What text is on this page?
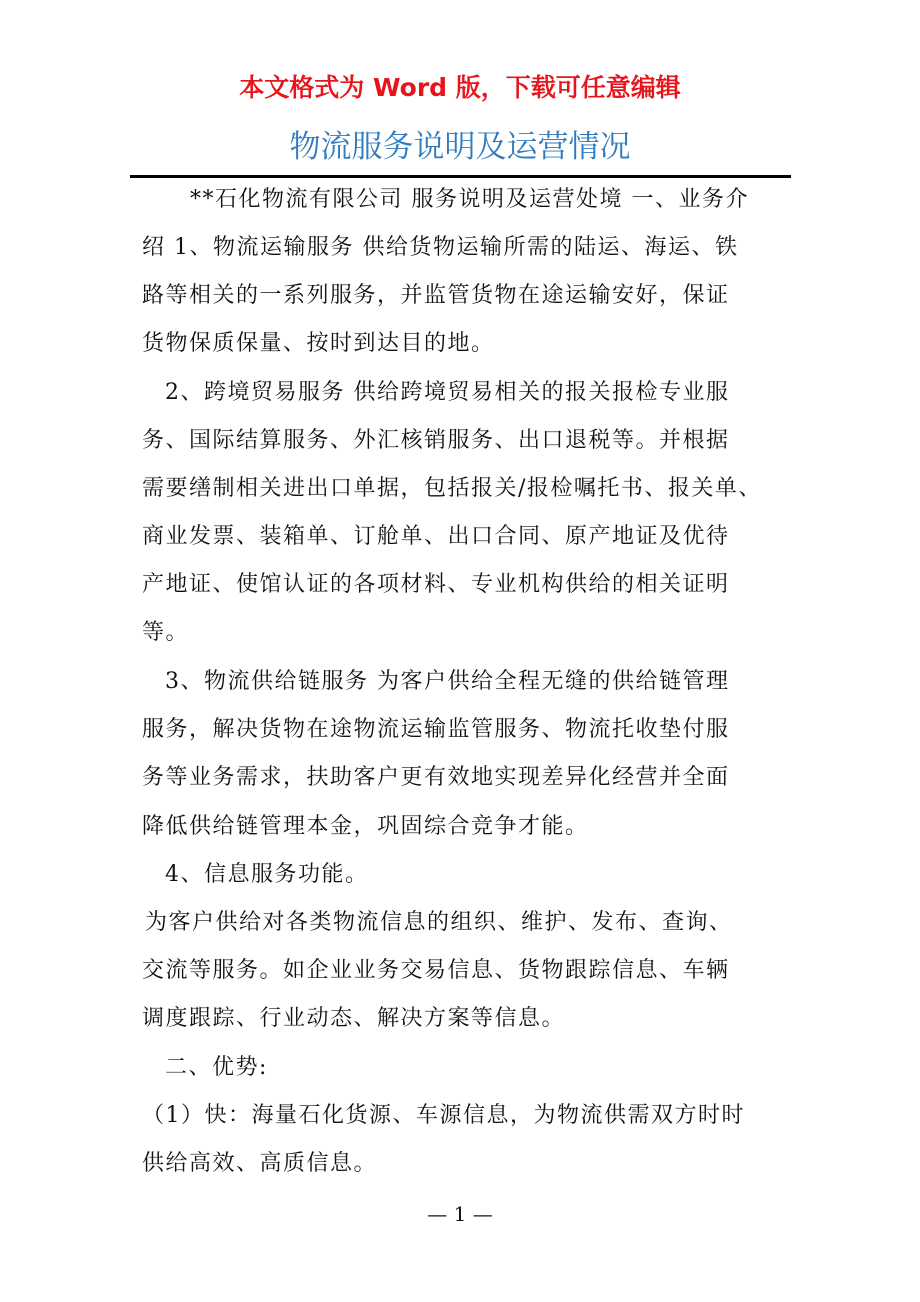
本文格式为 Word 版，下载可任意编辑
物流服务说明及运营情况
**石化物流有限公司 服务说明及运营处境 一、业务介
绍 1、物流运输服务 供给货物运输所需的陆运、海运、铁
路等相关的一系列服务，并监管货物在途运输安好，保证
货物保质保量、按时到达目的地。
2、跨境贸易服务 供给跨境贸易相关的报关报检专业服
务、国际结算服务、外汇核销服务、出口退税等。并根据
需要缮制相关进出口单据，包括报关/报检嘱托书、报关单、
商业发票、装箱单、订舱单、出口合同、原产地证及优待
产地证、使馆认证的各项材料、专业机构供给的相关证明
等。
3、物流供给链服务 为客户供给全程无缝的供给链管理
服务，解决货物在途物流运输监管服务、物流托收垫付服
务等业务需求，扶助客户更有效地实现差异化经营并全面
降低供给链管理本金，巩固综合竞争才能。
4、信息服务功能。
为客户供给对各类物流信息的组织、维护、发布、查询、
交流等服务。如企业业务交易信息、货物跟踪信息、车辆
调度跟踪、行业动态、解决方案等信息。
二、优势:
（1）快：海量石化货源、车源信息，为物流供需双方时时
供给高效、高质信息。
— 1 —
